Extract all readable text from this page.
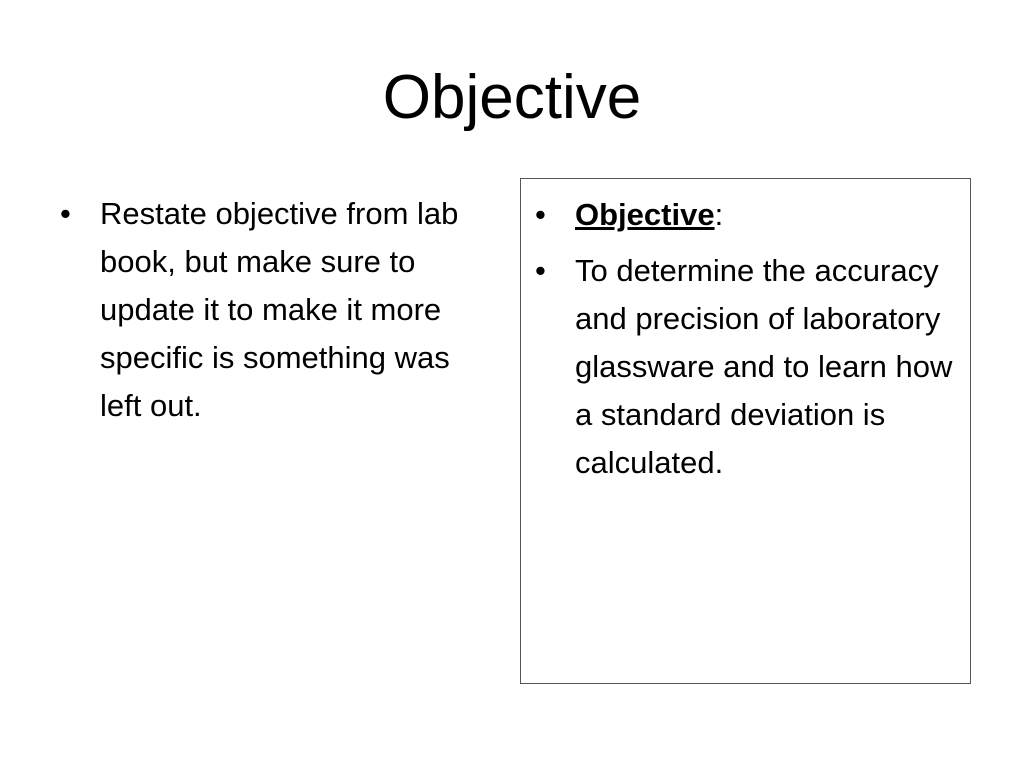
Objective
• Restate objective from lab book, but make sure to update it to make it more specific is something was left out.
• Objective:
• To determine the accuracy and precision of laboratory glassware and to learn how a standard deviation is calculated.
